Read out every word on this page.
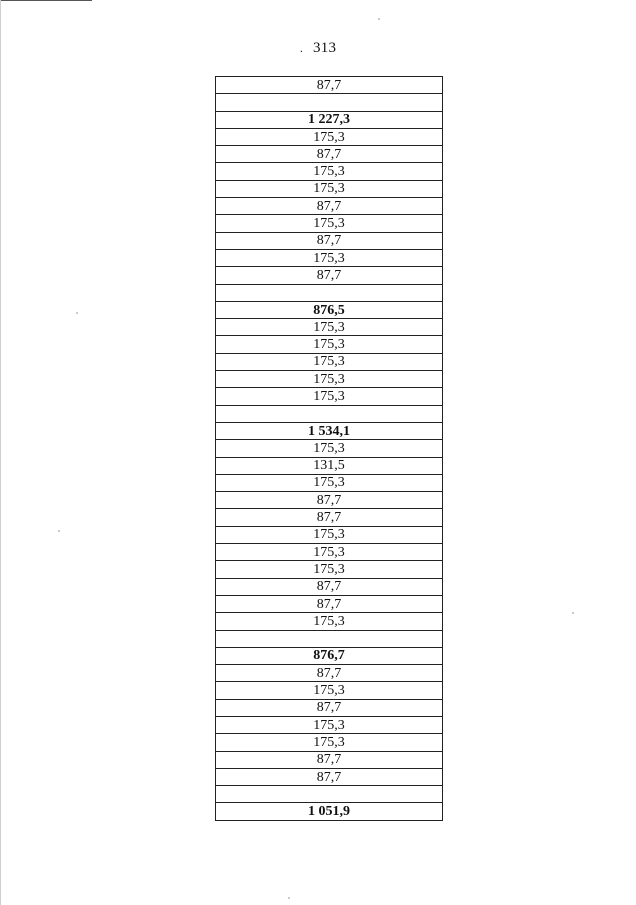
. 313
87,7

1 227,3
175,3
87,7
175,3
175,3
87,7
175,3
87,7
175,3
87,7

876,5
175,3
175,3
175,3
175,3
175,3

1 534,1
175,3
131,5
175,3
87,7
87,7
175,3
175,3
175,3
87,7
87,7
175,3

876,7
87,7
175,3
87,7
175,3
175,3
87,7
87,7

1 051,9
